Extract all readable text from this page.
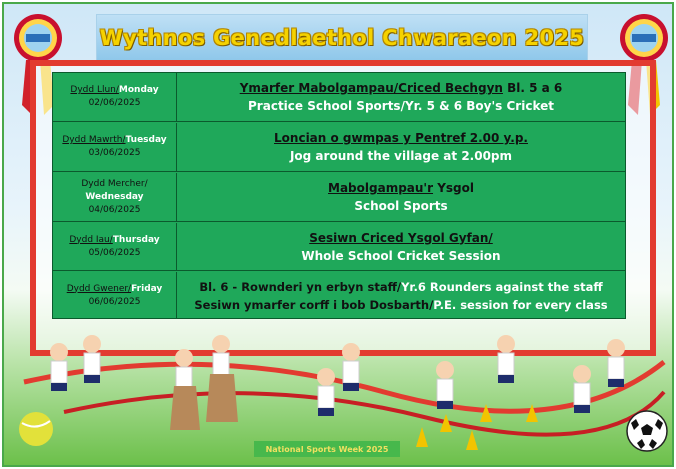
Wythnos Genedlaethol Chwaraeon 2025
National Sports Week 2025
Dydd Llun/Monday
02/06/2025
Ymarfer Mabolgampau/Criced Bechgyn Bl. 5 a 6
Practice School Sports/Yr. 5 & 6 Boy's Cricket
Dydd Mawrth/Tuesday
03/06/2025
Loncian o gwmpas y Pentref 2.00 y.p.
Jog around the village at 2.00pm
Dydd Mercher/
Wednesday
04/06/2025
Mabolgampau'r Ysgol
School Sports
Dydd Iau/Thursday
05/06/2025
Sesiwn Criced Ysgol Gyfan/
Whole School Cricket Session
Dydd Gwener/Friday
06/06/2025
Bl. 6 - Rownderi yn erbyn staff/Yr.6 Rounders against the staff
Sesiwn ymarfer corff i bob Dosbarth/P.E. session for every class
